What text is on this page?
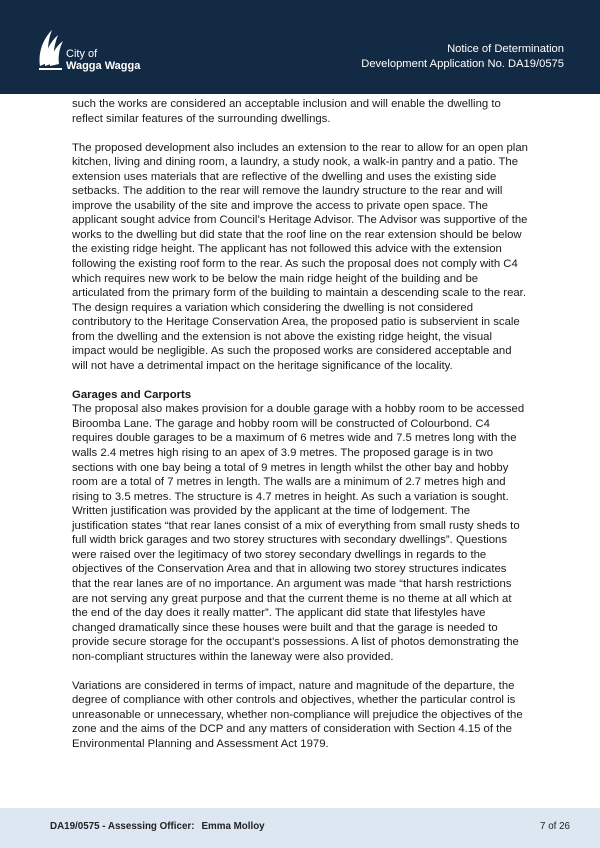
City of
Wagga Wagga
Notice of Determination
Development Application No. DA19/0575

such the works are considered an acceptable inclusion and will enable the dwelling to reflect similar features of the surrounding dwellings.

The proposed development also includes an extension to the rear to allow for an open plan kitchen, living and dining room, a laundry, a study nook, a walk-in pantry and a patio. The extension uses materials that are reflective of the dwelling and uses the existing side setbacks. The addition to the rear will remove the laundry structure to the rear and will improve the usability of the site and improve the access to private open space. The applicant sought advice from Council’s Heritage Advisor. The Advisor was supportive of the works to the dwelling but did state that the roof line on the rear extension should be below the existing ridge height. The applicant has not followed this advice with the extension following the existing roof form to the rear. As such the proposal does not comply with C4 which requires new work to be below the main ridge height of the building and be articulated from the primary form of the building to maintain a descending scale to the rear. The design requires a variation which considering the dwelling is not considered contributory to the Heritage Conservation Area, the proposed patio is subservient in scale from the dwelling and the extension is not above the existing ridge height, the visual impact would be negligible. As such the proposed works are considered acceptable and will not have a detrimental impact on the heritage significance of the locality.

Garages and Carports

The proposal also makes provision for a double garage with a hobby room to be accessed Biroomba Lane. The garage and hobby room will be constructed of Colourbond. C4 requires double garages to be a maximum of 6 metres wide and 7.5 metres long with the walls 2.4 metres high rising to an apex of 3.9 metres. The proposed garage is in two sections with one bay being a total of 9 metres in length whilst the other bay and hobby room are a total of 7 metres in length. The walls are a minimum of 2.7 metres high and rising to 3.5 metres. The structure is 4.7 metres in height. As such a variation is sought. Written justification was provided by the applicant at the time of lodgement. The justification states “that rear lanes consist of a mix of everything from small rusty sheds to full width brick garages and two storey structures with secondary dwellings”. Questions were raised over the legitimacy of two storey secondary dwellings in regards to the objectives of the Conservation Area and that in allowing two storey structures indicates that the rear lanes are of no importance. An argument was made “that harsh restrictions are not serving any great purpose and that the current theme is no theme at all which at the end of the day does it really matter”. The applicant did state that lifestyles have changed dramatically since these houses were built and that the garage is needed to provide secure storage for the occupant’s possessions. A list of photos demonstrating the non-compliant structures within the laneway were also provided.

Variations are considered in terms of impact, nature and magnitude of the departure, the degree of compliance with other controls and objectives, whether the particular control is unreasonable or unnecessary, whether non-compliance will prejudice the objectives of the zone and the aims of the DCP and any matters of consideration with Section 4.15 of the Environmental Planning and Assessment Act 1979.

DA19/0575 - Assessing Officer: Emma Molloy	7 of 26
